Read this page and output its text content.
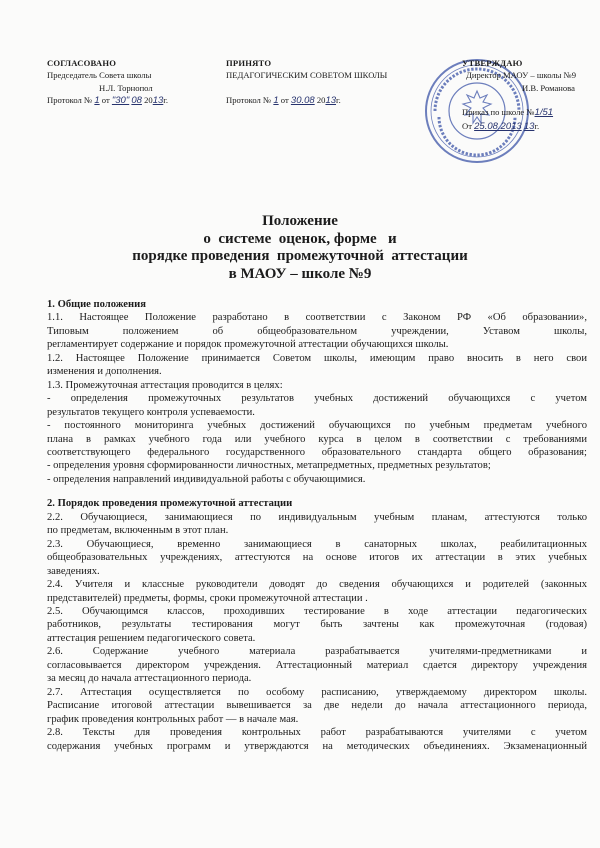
СОГЛАСОВАНО
Председатель Совета школы
Н.Л. Торнопол
Протокол № 1 от "30" 08 2013г.
ПРИНЯТО
ПЕДАГОГИЧЕСКИМ СОВЕТОМ ШКОЛЫ
Протокол № 1 от 30.08 2013г.
УТВЕРЖДАЮ
Директор МАОУ – школы №9
И.В. Романова
Приказ по школе №1/51
От 25.08.2013 13г.
Положение
о  системе  оценок, форме   и
порядке проведения  промежуточной  аттестации
в МАОУ – школе №9
1. Общие положения
1.1. Настоящее Положение разработано в соответствии с Законом РФ «Об образовании»,
Типовым положением об общеобразовательном учреждении, Уставом школы,
регламентирует содержание и порядок промежуточной аттестации обучающихся школы.
1.2. Настоящее Положение принимается Советом школы, имеющим право вносить в него свои
изменения и дополнения.
1.3. Промежуточная аттестация проводится в целях:
- определения промежуточных результатов учебных достижений обучающихся с учетом
результатов текущего контроля успеваемости.
- постоянного мониторинга учебных достижений обучающихся по учебным предметам учебного
плана в рамках учебного года или учебного курса в целом в соответствии с требованиями
соответствующего федерального государственного образовательного стандарта общего образования;
- определения уровня сформированности личностных, метапредметных, предметных результатов;
- определения направлений индивидуальной работы с обучающимися.
2. Порядок проведения промежуточной аттестации
2.2. Обучающиеся, занимающиеся по индивидуальным учебным планам, аттестуются только
по предметам, включенным в этот план.
2.3. Обучающиеся, временно занимающиеся в санаторных школах, реабилитационных
общеобразовательных учреждениях, аттестуются на основе итогов их аттестации в этих учебных
заведениях.
2.4. Учителя и классные руководители доводят до сведения обучающихся и родителей (законных
представителей) предметы, формы, сроки промежуточной аттестации .
2.5. Обучающимся классов, проходивших тестирование в ходе аттестации педагогических
работников, результаты тестирования могут быть зачтены как промежуточная (годовая)
аттестация решением педагогического совета.
2.6. Содержание учебного материала разрабатывается учителями-предметниками и
согласовывается директором учреждения. Аттестационный материал сдается директору учреждения
за месяц до начала аттестационного периода.
2.7. Аттестация осуществляется по особому расписанию, утверждаемому директором школы.
Расписание итоговой аттестации вывешивается за две недели до начала аттестационного периода,
график проведения контрольных работ — в начале мая.
2.8. Тексты для проведения контрольных работ разрабатываются учителями с учетом
содержания учебных программ и утверждаются на методических объединениях. Экзаменационный
